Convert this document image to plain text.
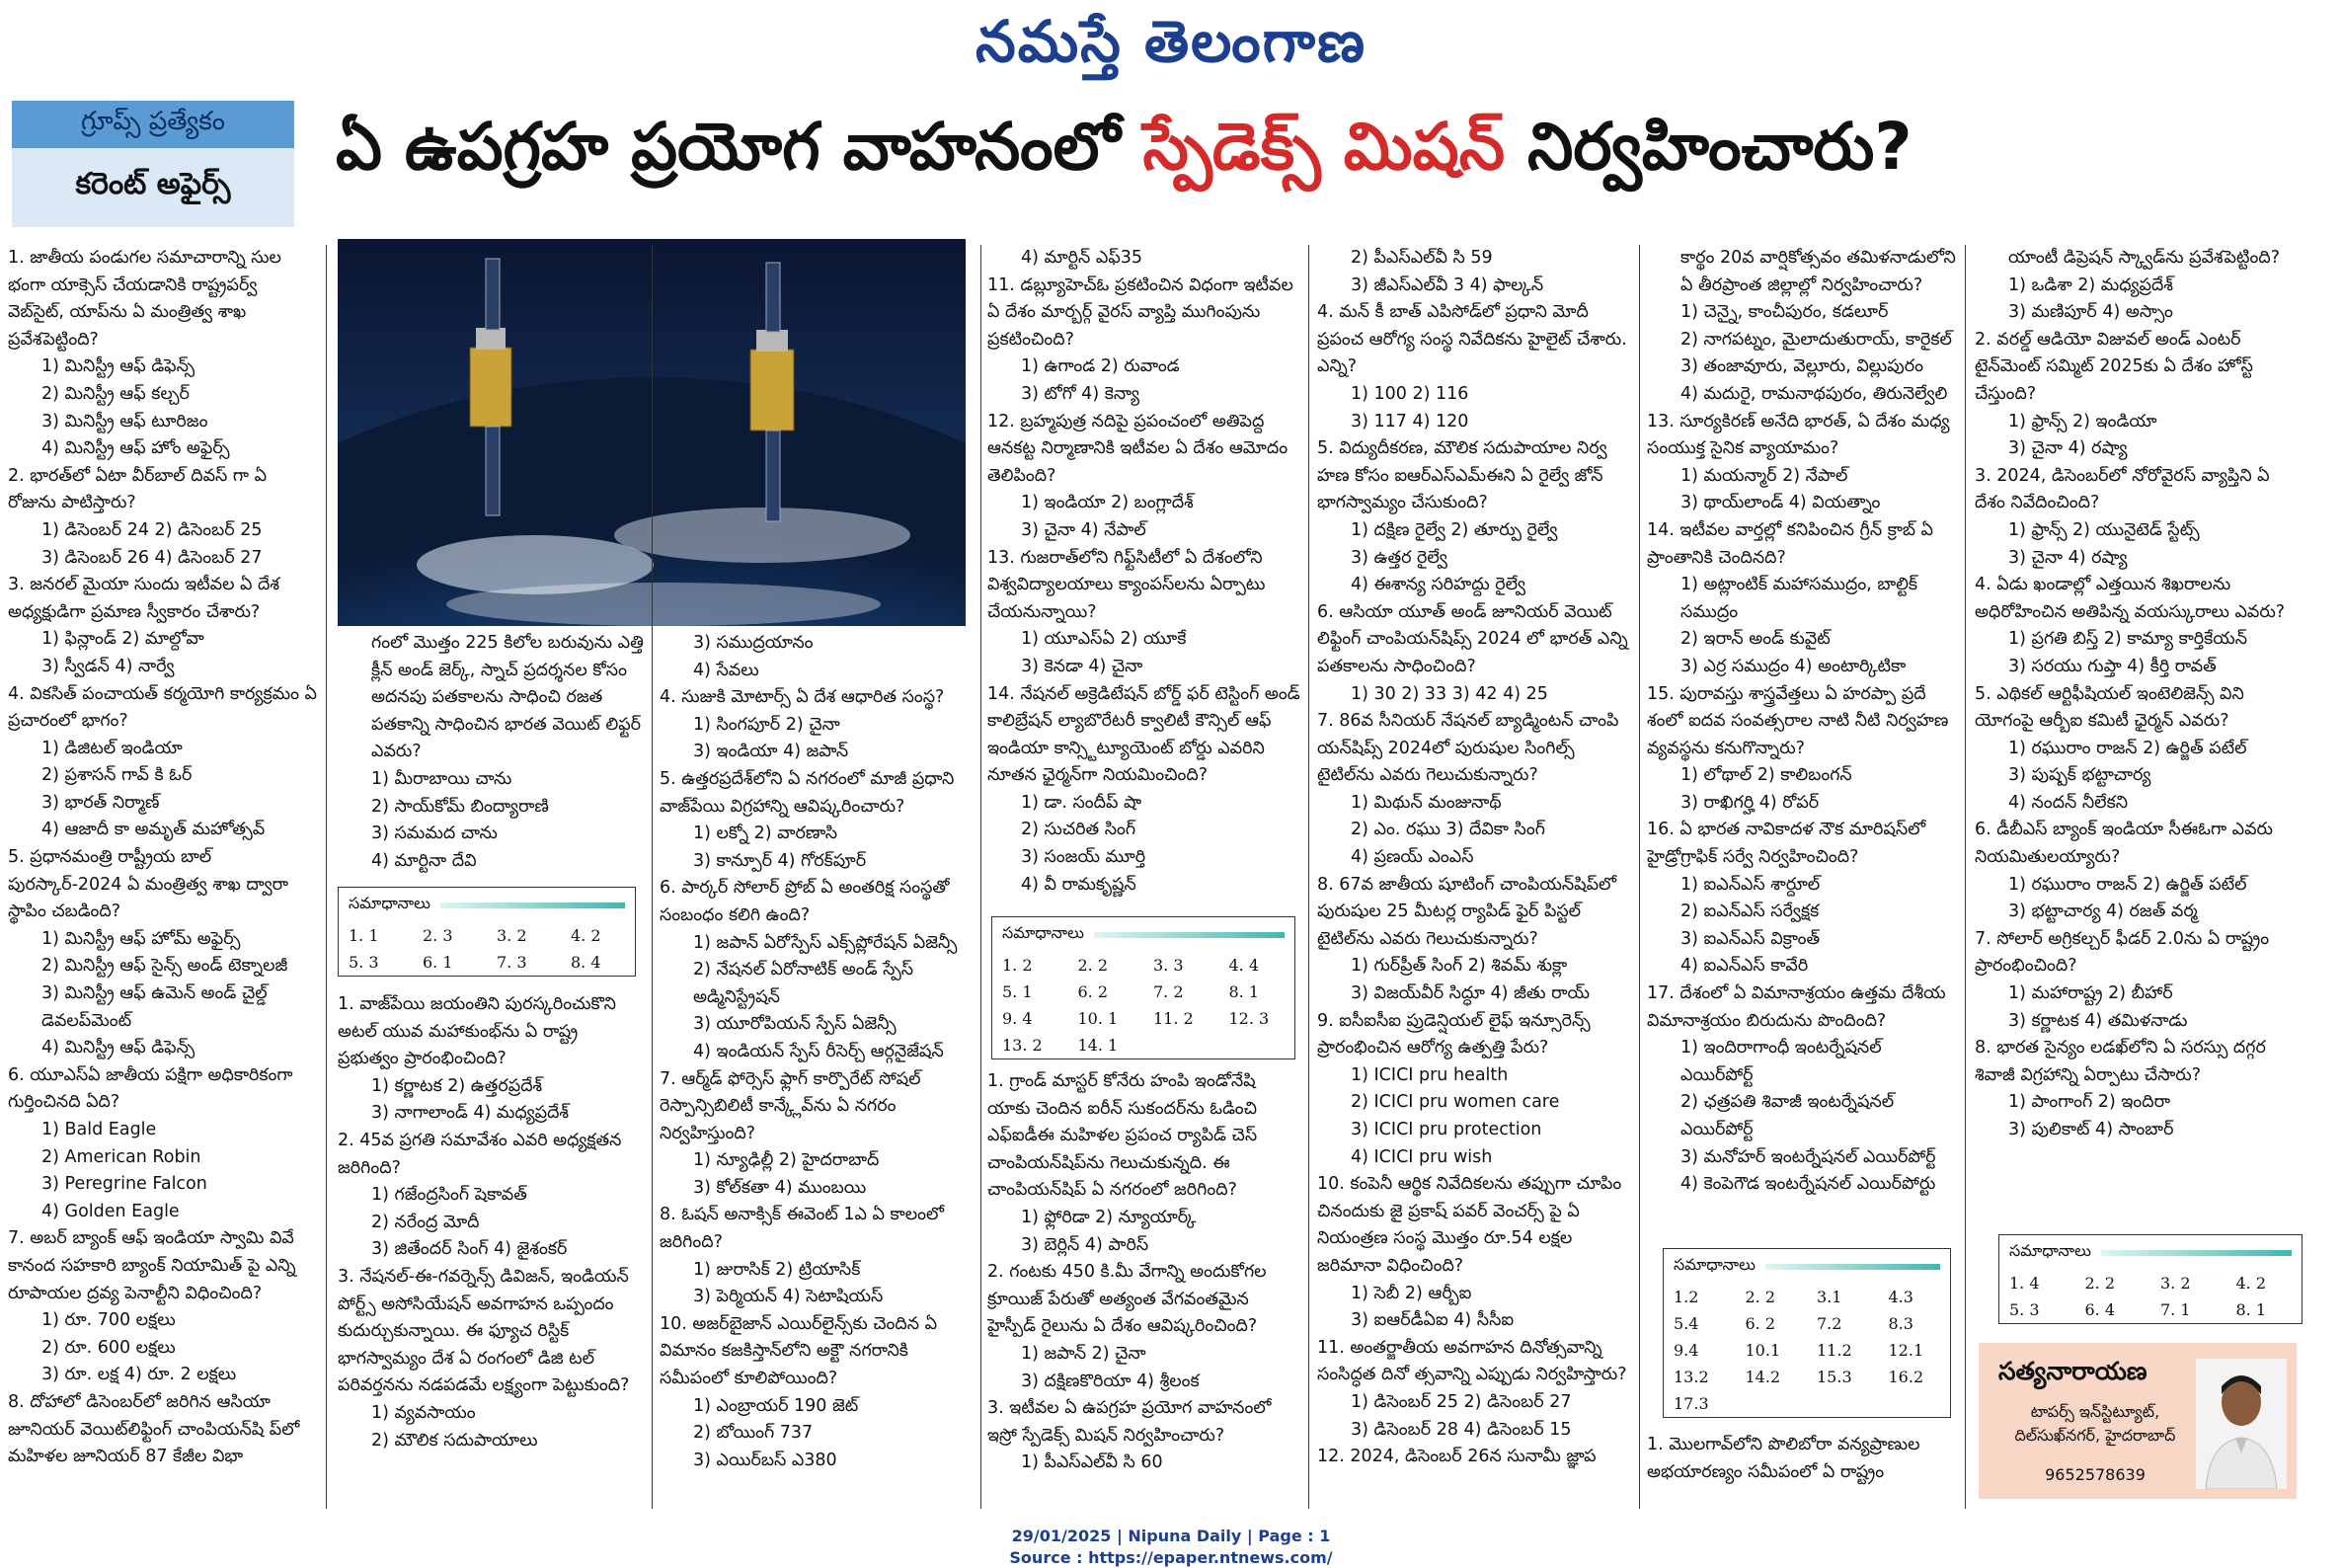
నమస్తే తెలంగాణ
గ్రూప్స్ ప్రత్యేకం
కరెంట్ అఫైర్స్	ఏ ఉపగ్రహ ప్రయోగ వాహనంలో స్పేడెక్స్ మిషన్ నిర్వహించారు?

1. జాతీయ పండుగల సమాచారాన్ని సుల భంగా యాక్సెస్ చేయడానికి రాష్ట్రపర్వ్ వెబ్‌సైట్, యాప్‌ను ఏ మంత్రిత్వ శాఖ ప్రవేశపెట్టింది?

1) మినిస్ట్రీ ఆఫ్ డిఫెన్స్

2) మినిస్ట్రీ ఆఫ్ కల్చర్

3) మినిస్ట్రీ ఆఫ్ టూరిజం

4) మినిస్ట్రీ ఆఫ్ హోం అఫైర్స్

2. భారత్‌లో ఏటా వీర్‌బాల్ దివస్ గా ఏ రోజును పాటిస్తారు?

1) డిసెంబర్ 24 2) డిసెంబర్ 25

3) డిసెంబర్ 26 4) డిసెంబర్ 27

3. జనరల్ మైయా సుందు ఇటీవల ఏ దేశ అధ్యక్షుడిగా ప్రమాణ స్వీకారం చేశారు?

1) ఫిన్లాండ్ 2) మాల్దోవా

3) స్వీడన్ 4) నార్వే

4. వికసిత్ పంచాయత్ కర్మయోగి కార్యక్రమం ఏ ప్రచారంలో భాగం?

1) డిజిటల్ ఇండియా

2) ప్రశాసన్ గావ్ కి ఓర్

3) భారత్ నిర్మాణ్

4) ఆజాదీ కా అమృత్ మహోత్సవ్

5. ప్రధానమంత్రి రాష్ట్రీయ బాల్ పురస్కార్-2024 ఏ మంత్రిత్వ శాఖ ద్వారా స్థాపిం చబడింది?

1) మినిస్ట్రీ ఆఫ్ హోమ్ అఫైర్స్

2) మినిస్ట్రీ ఆఫ్ సైన్స్ అండ్ టెక్నాలజీ

3) మినిస్ట్రీ ఆఫ్ ఉమెన్ అండ్ చైల్డ్ డెవలప్‌మెంట్

4) మినిస్ట్రీ ఆఫ్ డిఫెన్స్

6. యూఎస్ఏ జాతీయ పక్షిగా అధికారికంగా గుర్తించినది ఏది?

1) Bald Eagle

2) American Robin

3) Peregrine Falcon

4) Golden Eagle

7. అబర్ బ్యాంక్ ఆఫ్ ఇండియా స్వామి వివే కానంద సహకారి బ్యాంక్ నియామిత్ పై ఎన్ని రూపాయల ద్రవ్య పెనాల్టీని విధించింది?

1) రూ. 700 లక్షలు

2) రూ. 600 లక్షలు

3) రూ. లక్ష 4) రూ. 2 లక్షలు

8. దోహాలో డిసెంబర్‌లో జరిగిన ఆసియా జూనియర్ వెయిట్‌లిఫ్టింగ్ చాంపియన్‌షి ప్‌లో మహిళల జూనియర్ 87 కేజీల విభా

గంలో మొత్తం 225 కిలోల బరువును ఎత్తి క్లీన్ అండ్ జెర్క్, స్నాచ్ ప్రదర్శనల కోసం అదనపు పతకాలను సాధించి రజత పతకాన్ని సాధించిన భారత వెయిట్ లిఫ్టర్ ఎవరు?

1) మీరాబాయి చాను

2) సాయ్‌కోమ్ బింద్యారాణి

3) సమమద చాను

4) మార్టినా దేవి

సమాధానాలు
1. 1	2. 3	3. 2	4. 2
5. 3	6. 1	7. 3	8. 4

1. వాజ్‌పేయి జయంతిని పురస్కరించుకొని అటల్ యువ మహాకుంభ్‌ను ఏ రాష్ట్ర ప్రభుత్వం ప్రారంభించింది?

1) కర్ణాటక 2) ఉత్తరప్రదేశ్

3) నాగాలాండ్ 4) మధ్యప్రదేశ్

2. 45వ ప్రగతి సమావేశం ఎవరి అధ్యక్షతన జరిగింది?

1) గజేంద్రసింగ్ షెకావత్

2) నరేంద్ర మోదీ

3) జితేందర్ సింగ్ 4) జైశంకర్

3. నేషనల్-ఈ-గవర్నెన్స్ డివిజన్, ఇండియన్ పోర్ట్స్ అసోసియేషన్ అవగాహన ఒప్పందం కుదుర్చుకున్నాయి. ఈ ఫ్యూచ రిస్టిక్ భాగస్వామ్యం దేశ ఏ రంగంలో డిజి టల్ పరివర్తనను నడపడమే లక్ష్యంగా పెట్టుకుంది?

1) వ్యవసాయం

2) మౌలిక సదుపాయాలు

3) సముద్రయానం

4) సేవలు

4. సుజుకి మోటార్స్ ఏ దేశ ఆధారిత సంస్థ?

1) సింగపూర్ 2) చైనా

3) ఇండియా 4) జపాన్

5. ఉత్తరప్రదేశ్‌లోని ఏ నగరంలో మాజీ ప్రధాని వాజ్‌పేయి విగ్రహాన్ని ఆవిష్కరించారు?

1) లక్నో 2) వారణాసి

3) కాన్పూర్ 4) గోరక్‌పూర్

6. పార్కర్ సోలార్ ప్రోబ్ ఏ అంతరిక్ష సంస్థతో సంబంధం కలిగి ఉంది?

1) జపాన్ ఏరోస్పేస్ ఎక్స్‌ప్లోరేషన్ ఏజెన్సీ

2) నేషనల్ ఏరోనాటిక్ అండ్ స్పేస్ అడ్మినిస్ట్రేషన్

3) యూరోపియన్ స్పేస్ ఏజెన్సీ

4) ఇండియన్ స్పేస్ రీసెర్చ్ ఆర్గనైజేషన్

7. ఆర్మ్‌డ్ ఫోర్సెస్ ఫ్లాగ్ కార్పొరేట్ సోషల్ రెస్పాన్సిబిలిటీ కాన్క్లేవ్‌ను ఏ నగరం నిర్వహిస్తుంది?

1) న్యూఢిల్లీ 2) హైదరాబాద్

3) కోల్‌కతా 4) ముంబయి

8. ఓషన్ అనాక్సిక్ ఈవెంట్ 1ఎ ఏ కాలంలో జరిగింది?

1) జురాసిక్ 2) ట్రియాసిక్

3) పెర్మియన్ 4) సెటాషియస్

10. అజర్‌బైజాన్ ఎయిర్‌లైన్స్‌కు చెందిన ఏ విమానం కజకిస్తాన్‌లోని అక్టౌ నగరానికి సమీపంలో కూలిపోయింది?

1) ఎంబ్రాయర్ 190 జెట్

2) బోయింగ్ 737

3) ఎయిర్‌బస్ ఎ380

4) మార్టిన్ ఎఫ్35

11. డబ్ల్యూహెచ్‌ఓ ప్రకటించిన విధంగా ఇటీవల ఏ దేశం మార్బర్గ్ వైరస్ వ్యాప్తి ముగింపును ప్రకటించింది?

1) ఉగాండ 2) రువాండ

3) టోగో 4) కెన్యా

12. బ్రహ్మపుత్ర నదిపై ప్రపంచంలో అతిపెద్ద ఆనకట్ట నిర్మాణానికి ఇటీవల ఏ దేశం ఆమోదం తెలిపింది?

1) ఇండియా 2) బంగ్లాదేశ్

3) చైనా 4) నేపాల్

13. గుజరాత్‌లోని గిఫ్ట్‌సిటీలో ఏ దేశంలోని విశ్వవిద్యాలయాలు క్యాంపస్‌లను ఏర్పాటు చేయనున్నాయి?

1) యూఎస్ఏ 2) యూకే

3) కెనడా 4) చైనా

14. నేషనల్ అక్రెడిటేషన్ బోర్డ్ ఫర్ టెస్టింగ్ అండ్ కాలిబ్రేషన్ ల్యాబొరేటరీ క్వాలిటీ కౌన్సిల్ ఆఫ్ ఇండియా కాన్స్టిట్యూయెంట్ బోర్డు ఎవరిని నూతన ఛైర్మన్‌గా నియమించింది?

1) డా. సందీప్ షా

2) సుచరిత సింగ్

3) సంజయ్ మూర్తి

4) వీ రామకృష్ణన్

సమాధానాలు
1. 2	2. 2	3. 3	4. 4
5. 1	6. 2	7. 2	8. 1
9. 4	10. 1	11. 2	12. 3
13. 2	14. 1		

1. గ్రాండ్ మాస్టర్ కోనేరు హంపి ఇండోనేషి యాకు చెందిన ఐరీన్ సుకందర్‌ను ఓడించి ఎఫ్‌ఐడీఈ మహిళల ప్రపంచ ర్యాపిడ్ చెస్ చాంపియన్‌షిప్‌ను గెలుచుకున్నది. ఈ చాంపియన్‌షిప్ ఏ నగరంలో జరిగింది?

1) ఫ్లోరిడా 2) న్యూయార్క్

3) బెర్లిన్ 4) పారిస్

2. గంటకు 450 కి.మీ వేగాన్ని అందుకోగల క్రూయిజ్ పేరుతో అత్యంత వేగవంతమైన హైస్పీడ్ రైలును ఏ దేశం ఆవిష్కరించింది?

1) జపాన్ 2) చైనా

3) దక్షిణకొరియా 4) శ్రీలంక

3. ఇటీవల ఏ ఉపగ్రహ ప్రయోగ వాహనంలో ఇస్రో స్పేడెక్స్ మిషన్ నిర్వహించారు?

1) పీఎస్ఎల్‌వీ సి 60

2) పీఎస్ఎల్‌వీ సి 59

3) జీఎస్ఎల్‌వీ 3 4) ఫాల్కన్

4. మన్ కీ బాత్ ఎపిసోడ్‌లో ప్రధాని మోదీ ప్రపంచ ఆరోగ్య సంస్థ నివేదికను హైలైట్ చేశారు. ఎన్ని?

1) 100 2) 116

3) 117 4) 120

5. విద్యుదీకరణ, మౌలిక సదుపాయాల నిర్వ హణ కోసం ఐఆర్ఎస్ఎమ్ఈని ఏ రైల్వే జోన్ భాగస్వామ్యం చేసుకుంది?

1) దక్షిణ రైల్వే 2) తూర్పు రైల్వే

3) ఉత్తర రైల్వే

4) ఈశాన్య సరిహద్దు రైల్వే

6. ఆసియా యూత్ అండ్ జూనియర్ వెయిట్ లిఫ్టింగ్ చాంపియన్‌షిప్స్ 2024 లో భారత్ ఎన్ని పతకాలను సాధించింది?

1) 30 2) 33 3) 42 4) 25

7. 86వ సీనియర్ నేషనల్ బ్యాడ్మింటన్ చాంపి యన్‌షిప్స్ 2024లో పురుషుల సింగిల్స్ టైటిల్‌ను ఎవరు గెలుచుకున్నారు?

1) మిథున్ మంజునాథ్

2) ఎం. రఘు 3) దేవికా సింగ్

4) ప్రణయ్ ఎంఎస్

8. 67వ జాతీయ షూటింగ్ చాంపియన్‌షిప్‌లో పురుషుల 25 మీటర్ల ర్యాపిడ్ ఫైర్ పిస్టల్ టైటిల్‌ను ఎవరు గెలుచుకున్నారు?

1) గుర్‌ప్రీత్ సింగ్ 2) శివమ్ శుక్లా

3) విజయ్‌వీర్ సిద్ధూ 4) జీతు రాయ్

9. ఐసీఐసీఐ ప్రుడెన్షియల్ లైఫ్ ఇన్సూరెన్స్ ప్రారంభించిన ఆరోగ్య ఉత్పత్తి పేరు?

1) ICICI pru health

2) ICICI pru women care

3) ICICI pru protection

4) ICICI pru wish

10. కంపెనీ ఆర్థిక నివేదికలను తప్పుగా చూపిం చినందుకు జై ప్రకాష్ పవర్ వెంచర్స్ పై ఏ నియంత్రణ సంస్థ మొత్తం రూ.54 లక్షల జరిమానా విధించింది?

1) సెబీ 2) ఆర్బీఐ

3) ఐఆర్‌డీఏఐ 4) సీసీఐ

11. అంతర్జాతీయ అవగాహన దినోత్సవాన్ని సంసిద్ధత దినో త్సవాన్ని ఎప్పుడు నిర్వహిస్తారు?

1) డిసెంబర్ 25 2) డిసెంబర్ 27

3) డిసెంబర్ 28 4) డిసెంబర్ 15

12. 2024, డిసెంబర్ 26న సునామీ జ్ఞాప

కార్థం 20వ వార్షికోత్సవం తమిళనాడులోని ఏ తీరప్రాంత జిల్లాల్లో నిర్వహించారు?

1) చెన్నై, కాంచీపురం, కడలూర్

2) నాగపట్నం, మైలాదుతురాయ్, కారైకల్

3) తంజావూరు, వెల్లూరు, విల్లుపురం

4) మదురై, రామనాథపురం, తిరునెల్వేలి

13. సూర్యకిరణ్ అనేది భారత్, ఏ దేశం మధ్య సంయుక్త సైనిక వ్యాయామం?

1) మయన్మార్ 2) నేపాల్

3) థాయ్‌లాండ్ 4) వియత్నాం

14. ఇటీవల వార్తల్లో కనిపించిన గ్రీన్ క్రాబ్ ఏ ప్రాంతానికి చెందినది?

1) అట్లాంటిక్ మహాసముద్రం, బాల్టిక్ సముద్రం

2) ఇరాన్ అండ్ కువైట్

3) ఎర్ర సముద్రం 4) అంటార్కిటికా

15. పురావస్తు శాస్త్రవేత్తలు ఏ హరప్పా ప్రదే శంలో ఐదవ సంవత్సరాల నాటి నీటి నిర్వహణ వ్యవస్థను కనుగొన్నారు?

1) లోథాల్ 2) కాలిబంగన్

3) రాఖిగర్హి 4) రోపర్

16. ఏ భారత నావికాదళ నౌక మారిషస్‌లో హైడ్రోగ్రాఫిక్ సర్వే నిర్వహించింది?

1) ఐఎన్ఎస్ శార్దూల్

2) ఐఎన్ఎస్ సర్వేక్షక

3) ఐఎన్ఎస్ విక్రాంత్

4) ఐఎన్ఎస్ కావేరి

17. దేశంలో ఏ విమానాశ్రయం ఉత్తమ దేశీయ విమానాశ్రయం బిరుదును పొందింది?

1) ఇందిరాగాంధీ ఇంటర్నేషనల్ ఎయిర్‌పోర్ట్

2) ఛత్రపతి శివాజీ ఇంటర్నేషనల్ ఎయిర్‌పోర్ట్

3) మనోహర్ ఇంటర్నేషనల్ ఎయిర్‌పోర్ట్

4) కెంపెగౌడ ఇంటర్నేషనల్ ఎయిర్‌పోర్టు

సమాధానాలు
1.2	2. 2	3.1	4.3
5.4	6. 2	7.2	8.3
9.4	10.1	11.2	12.1
13.2	14.2	15.3	16.2
17.3			

1. మొలగావ్‌లోని పొలిబోరా వన్యప్రాణుల అభయారణ్యం సమీపంలో ఏ రాష్ట్రం

యాంటీ డిప్రెషన్ స్క్వాడ్‌ను ప్రవేశపెట్టింది?

1) ఒడిశా 2) మధ్యప్రదేశ్

3) మణిపూర్ 4) అస్సాం

2. వరల్డ్ ఆడియో విజువల్ అండ్ ఎంటర్ టైన్‌మెంట్ సమ్మిట్ 2025కు ఏ దేశం హోస్ట్ చేస్తుంది?

1) ఫ్రాన్స్ 2) ఇండియా

3) చైనా 4) రష్యా

3. 2024, డిసెంబర్‌లో నోరోవైరస్ వ్యాప్తిని ఏ దేశం నివేదించింది?

1) ఫ్రాన్స్ 2) యునైటెడ్ స్టేట్స్

3) చైనా 4) రష్యా

4. ఏడు ఖండాల్లో ఎత్తయిన శిఖరాలను అధిరోహించిన అతిపిన్న వయస్కురాలు ఎవరు?

1) ప్రగతి బిస్త్ 2) కామ్యా కార్తికేయన్

3) సరయు గుప్తా 4) కీర్తి రావత్

5. ఎథికల్ ఆర్టిఫీషియల్ ఇంటెలిజెన్స్ విని యోగంపై ఆర్బీఐ కమిటీ ఛైర్మన్ ఎవరు?

1) రఘురాం రాజన్ 2) ఉర్జిత్ పటేల్

3) పుష్పక్ భట్టాచార్య

4) నందన్ నీలేకని

6. డీబీఎస్ బ్యాంక్ ఇండియా సీఈఓగా ఎవరు నియమితులయ్యారు?

1) రఘురాం రాజన్ 2) ఉర్జిత్ పటేల్

3) భట్టాచార్య 4) రజత్ వర్మ

7. సోలార్ అగ్రికల్చర్ ఫీడర్ 2.0ను ఏ రాష్ట్రం ప్రారంభించింది?

1) మహారాష్ట్ర 2) బీహార్

3) కర్ణాటక 4) తమిళనాడు

8. భారత సైన్యం లడఖ్‌లోని ఏ సరస్సు దగ్గర శివాజీ విగ్రహాన్ని ఏర్పాటు చేసారు?

1) పాంగాంగ్ 2) ఇందిరా

3) పులికాట్ 4) సాంబార్

సమాధానాలు
1. 4	2. 2	3. 2	4. 2
5. 3	6. 4	7. 1	8. 1
సత్యనారాయణ
టాపర్స్ ఇన్‌స్టిట్యూట్, దిల్‌సుఖ్‌నగర్, హైదరాబాద్
9652578639
29/01/2025 | Nipuna Daily | Page : 1
Source : https://epaper.ntnews.com/
